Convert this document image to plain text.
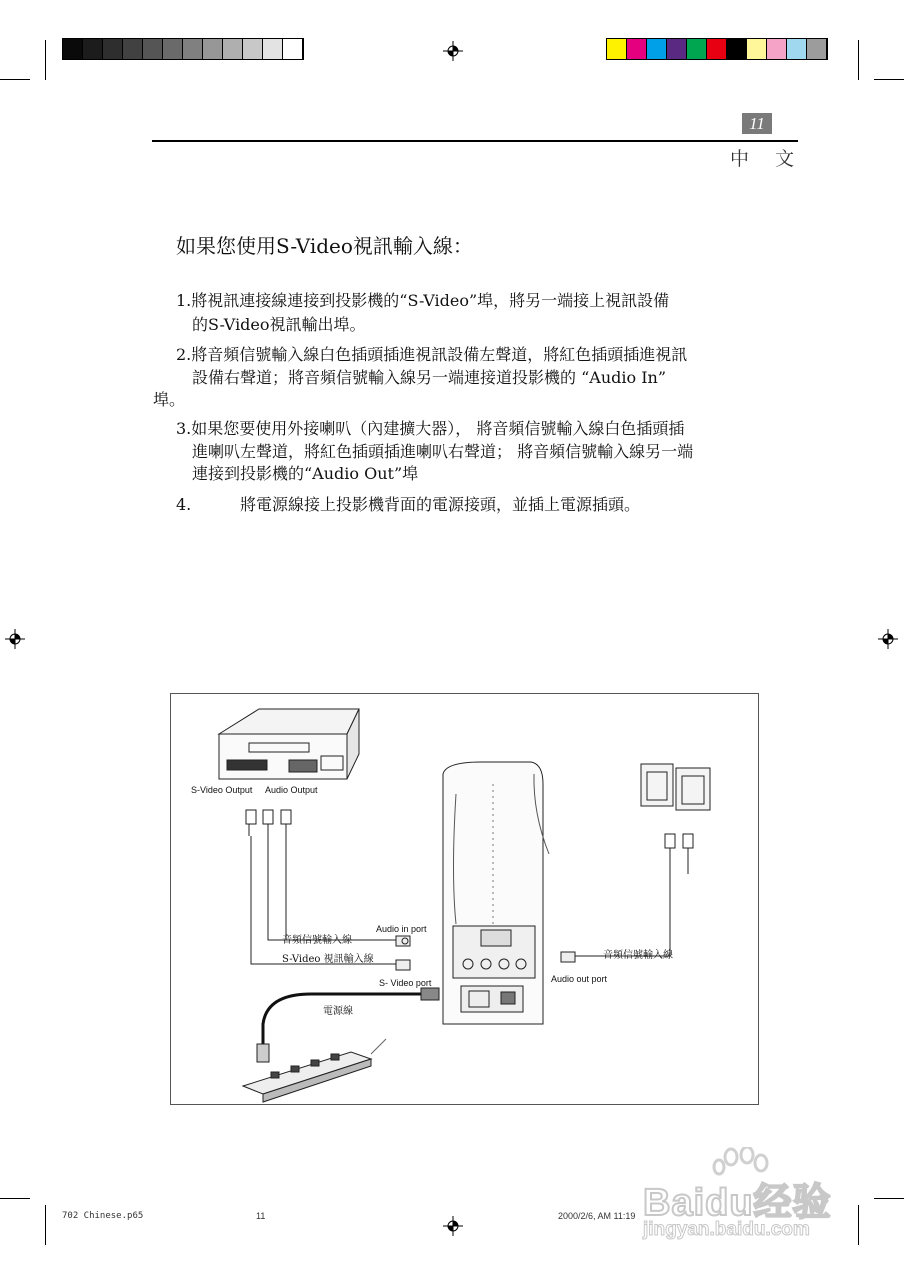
11
中 文
如果您使用S-Video視訊輸入線：
1.將視訊連接線連接到投影機的“S-Video”埠，將另一端接上視訊設備
的S-Video視訊輸出埠。
2.將音頻信號輸入線白色插頭插進視訊設備左聲道，將紅色插頭插進視訊
設備右聲道；將音頻信號輸入線另一端連接道投影機的 “Audio In”
埠。
3.如果您要使用外接喇叭（內建擴大器）， 將音頻信號輸入線白色插頭插
進喇叭左聲道，將紅色插頭插進喇叭右聲道； 將音頻信號輸入線另一端
連接到投影機的“Audio Out”埠
4.	將電源線接上投影機背面的電源接頭，並插上電源插頭。
S-Video Output Audio Output
Audio in port
音頻信號輸入線
S-Video 視訊輸入線
S- Video port
電源線
音頻信號輸入線
Audio out port
702 Chinese.p65	11	2000/2/6, AM 11:19 Baidu经验
jingyan.baidu.com
